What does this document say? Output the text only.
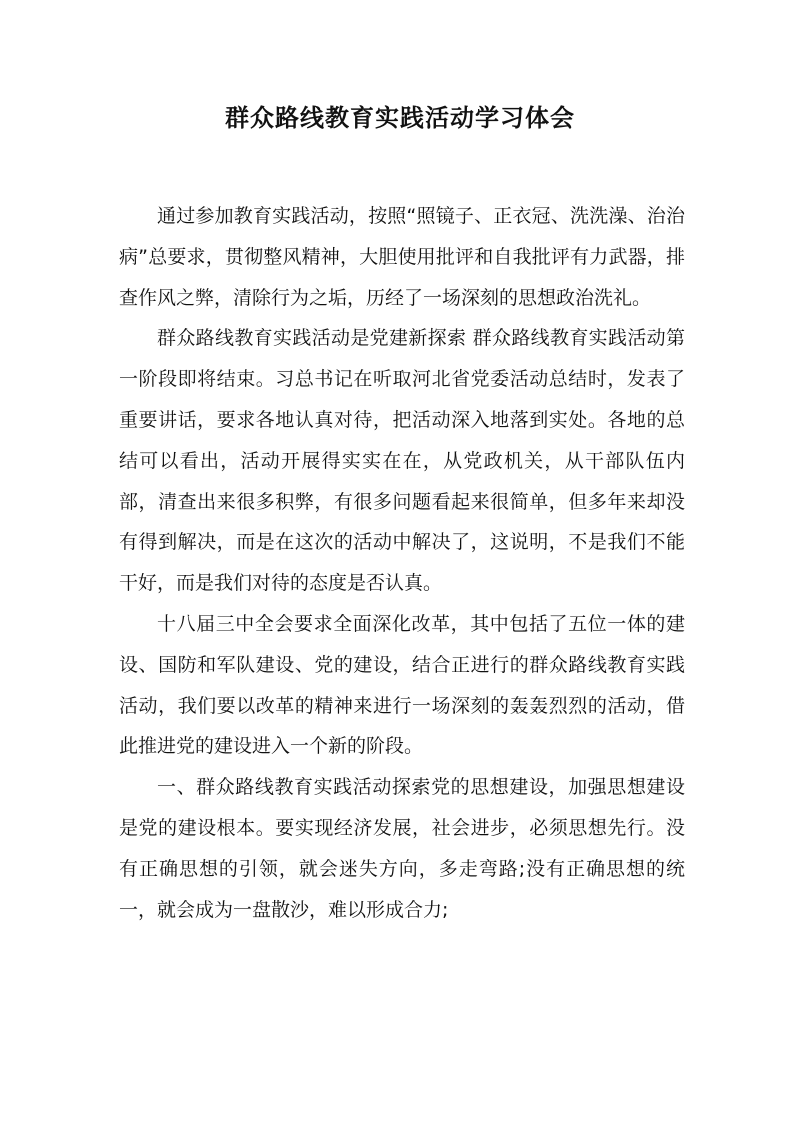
群众路线教育实践活动学习体会

通过参加教育实践活动，按照“照镜子、正衣冠、洗洗澡、治治病”总要求，贯彻整风精神，大胆使用批评和自我批评有力武器，排查作风之弊，清除行为之垢，历经了一场深刻的思想政治洗礼。

群众路线教育实践活动是党建新探索 群众路线教育实践活动第一阶段即将结束。习总书记在听取河北省党委活动总结时，发表了重要讲话，要求各地认真对待，把活动深入地落到实处。各地的总结可以看出，活动开展得实实在在，从党政机关，从干部队伍内部，清查出来很多积弊，有很多问题看起来很简单，但多年来却没有得到解决，而是在这次的活动中解决了，这说明，不是我们不能干好，而是我们对待的态度是否认真。

十八届三中全会要求全面深化改革，其中包括了五位一体的建设、国防和军队建设、党的建设，结合正进行的群众路线教育实践活动，我们要以改革的精神来进行一场深刻的轰轰烈烈的活动，借此推进党的建设进入一个新的阶段。

一、群众路线教育实践活动探索党的思想建设，加强思想建设是党的建设根本。要实现经济发展，社会进步，必须思想先行。没有正确思想的引领，就会迷失方向，多走弯路;没有正确思想的统一，就会成为一盘散沙，难以形成合力;
